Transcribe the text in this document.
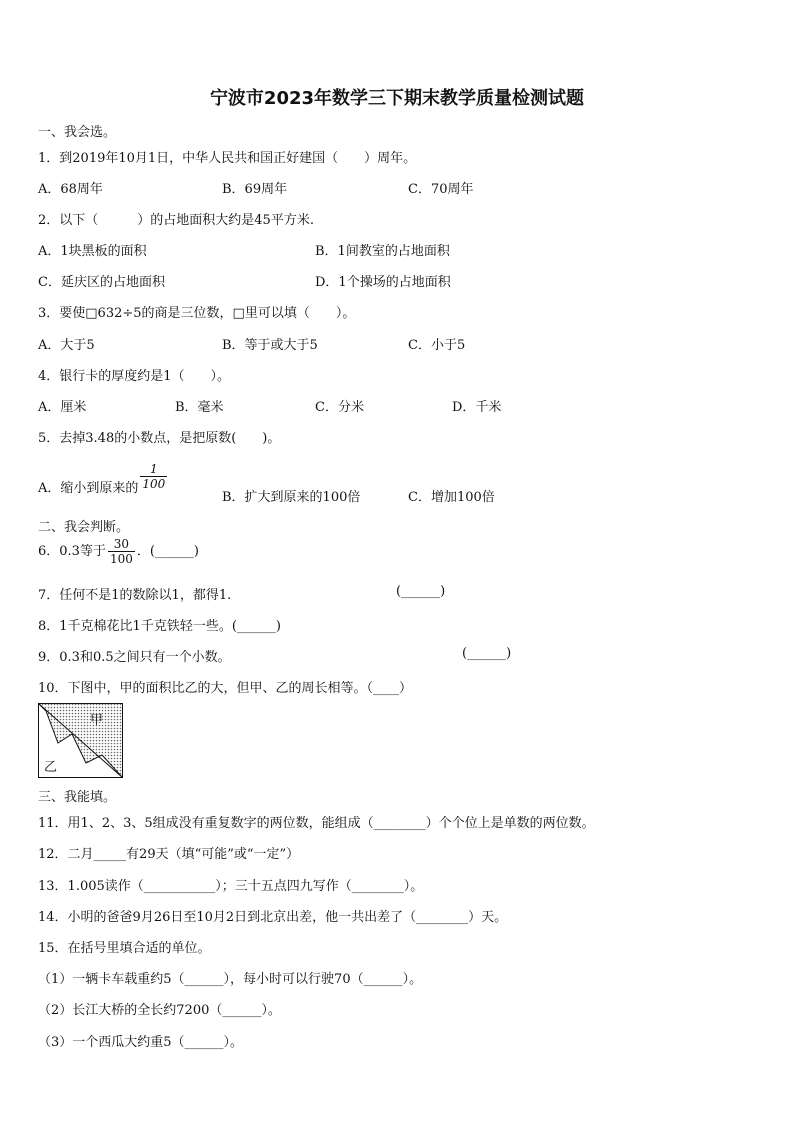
宁波市2023年数学三下期末教学质量检测试题
一、我会选。
1．到2019年10月1日，中华人民共和国正好建国（　　）周年。
A．68周年	B．69周年	C．70周年
2．以下（　　　）的占地面积大约是45平方米.
A．1块黑板的面积	B．1间教室的占地面积
C．延庆区的占地面积	D．1个操场的占地面积
3．要使□632÷5的商是三位数，□里可以填（　　）。
A．大于5	B．等于或大于5	C．小于5
4．银行卡的厚度约是1（　　）。
A．厘米	B．毫米	C．分米	D．千米
5．去掉3.48的小数点，是把原数(　　)。
A．缩小到原来的 $\frac{1}{100}$
B．扩大到原来的100倍	C．增加100倍
二、我会判断。
6．0.3等于 $\frac{30}{100}$ ．(______)
7．任何不是1的数除以1，都得1.	(______)
8．1千克棉花比1千克铁轻一些。(______)
9．0.3和0.5之间只有一个小数。	(______)
10．下图中，甲的面积比乙的大，但甲、乙的周长相等。（____）
甲
乙
三、我能填。
11．用1、2、3、5组成没有重复数字的两位数，能组成（________）个个位上是单数的两位数。
12．二月_____有29天（填“可能”或“一定”）
13．1.005读作（___________）；三十五点四九写作（________）。
14．小明的爸爸9月26日至10月2日到北京出差，他一共出差了（________）天。
15．在括号里填合适的单位。
（1）一辆卡车载重约5（______），每小时可以行驶70（______）。
（2）长江大桥的全长约7200（______）。
（3）一个西瓜大约重5（______）。
